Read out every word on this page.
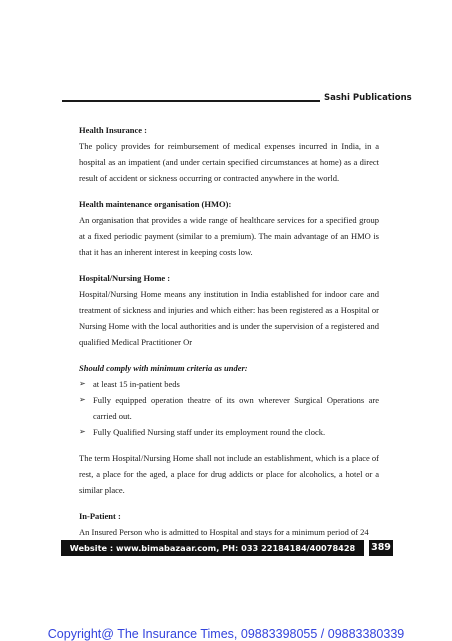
Sashi Publications

Health Insurance :

The policy provides for reimbursement of medical expenses incurred in India, in a hospital as an impatient (and under certain specified circumstances at home) as a direct result of accident or sickness occurring or contracted anywhere in the world.

Health maintenance organisation (HMO):

An organisation that provides a wide range of healthcare services for a specified group at a fixed periodic payment (similar to a premium). The main advantage of an HMO is that it has an inherent interest in keeping costs low.

Hospital/Nursing Home :

Hospital/Nursing Home means any institution in India established for indoor care and treatment of sickness and injuries and which either: has been registered as a Hospital or Nursing Home with the local authorities and is under the supervision of a registered and qualified Medical Practitioner Or

Should comply with minimum criteria as under:

➢ at least 15 in-patient beds
➢ Fully equipped operation theatre of its own wherever Surgical Operations are carried out.
➢ Fully Qualified Nursing staff under its employment round the clock.

The term Hospital/Nursing Home shall not include an establishment, which is a place of rest, a place for the aged, a place for drug addicts or place for alcoholics, a hotel or a similar place.

In-Patient :

An Insured Person who is admitted to Hospital and stays for a minimum period of 24

Website : www.bimabazaar.com, PH: 033 22184184/40078428	389
Copyright@ The Insurance Times, 09883398055 / 09883380339
